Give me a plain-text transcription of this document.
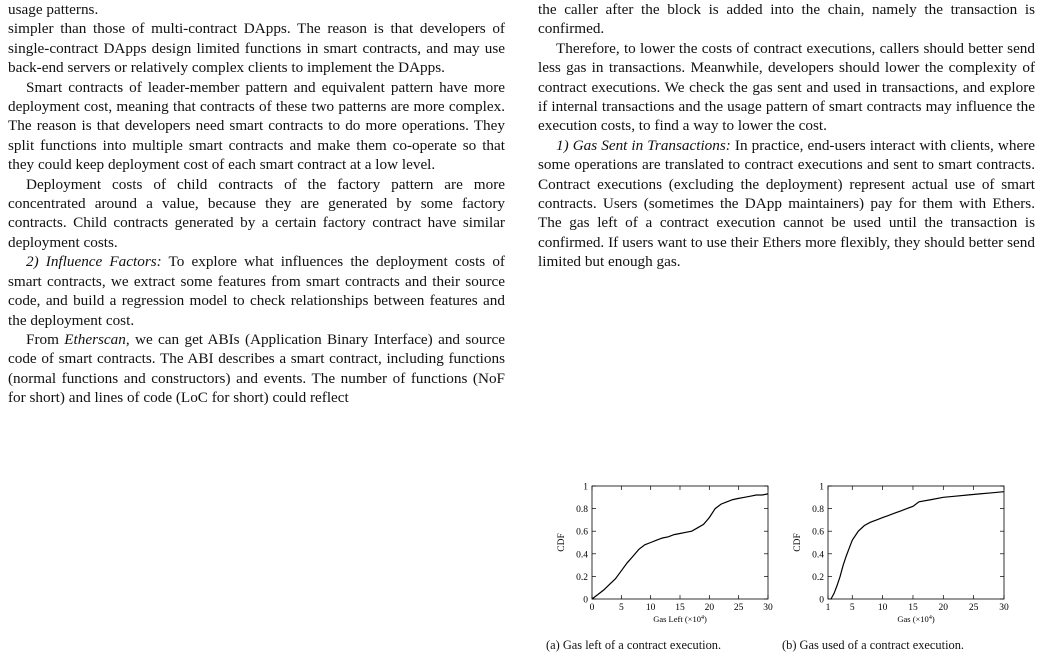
usage patterns.

simpler than those of multi-contract DApps. The reason is that developers of single-contract DApps design limited functions in smart contracts, and may use back-end servers or relatively complex clients to implement the DApps.

Smart contracts of leader-member pattern and equivalent pattern have more deployment cost, meaning that contracts of these two patterns are more complex. The reason is that developers need smart contracts to do more operations. They split functions into multiple smart contracts and make them co-operate so that they could keep deployment cost of each smart contract at a low level.

Deployment costs of child contracts of the factory pattern are more concentrated around a value, because they are generated by some factory contracts. Child contracts generated by a certain factory contract have similar deployment costs.

2) Influence Factors: To explore what influences the deployment costs of smart contracts, we extract some features from smart contracts and their source code, and build a regression model to check relationships between features and the deployment cost.

From Etherscan, we can get ABIs (Application Binary Interface) and source code of smart contracts. The ABI describes a smart contract, including functions (normal functions and constructors) and events. The number of functions (NoF for short) and lines of code (LoC for short) could reflect

the caller after the block is added into the chain, namely the transaction is confirmed.

Therefore, to lower the costs of contract executions, callers should better send less gas in transactions. Meanwhile, developers should lower the complexity of contract executions. We check the gas sent and used in transactions, and explore if internal transactions and the usage pattern of smart contracts may influence the execution costs, to find a way to lower the cost.

1) Gas Sent in Transactions: In practice, end-users interact with clients, where some operations are translated to contract executions and sent to smart contracts. Contract executions (excluding the deployment) represent actual use of smart contracts. Users (sometimes the DApp maintainers) pay for them with Ethers. The gas left of a contract execution cannot be used until the transaction is confirmed. If users want to use their Ethers more flexibly, they should better send limited but enough gas.

0
0.2
0.4
0.6
0.8
1
0	5 10 15 20 25 30
CDF
Gas Left $(\times 10^4)$
0
0.2
0.4
0.6
0.8
1
1 5 10 15 20 25 30
CDF
Gas $(\times 10^4)$
(a) Gas left of a contract execution.	(b) Gas used of a contract execution.
